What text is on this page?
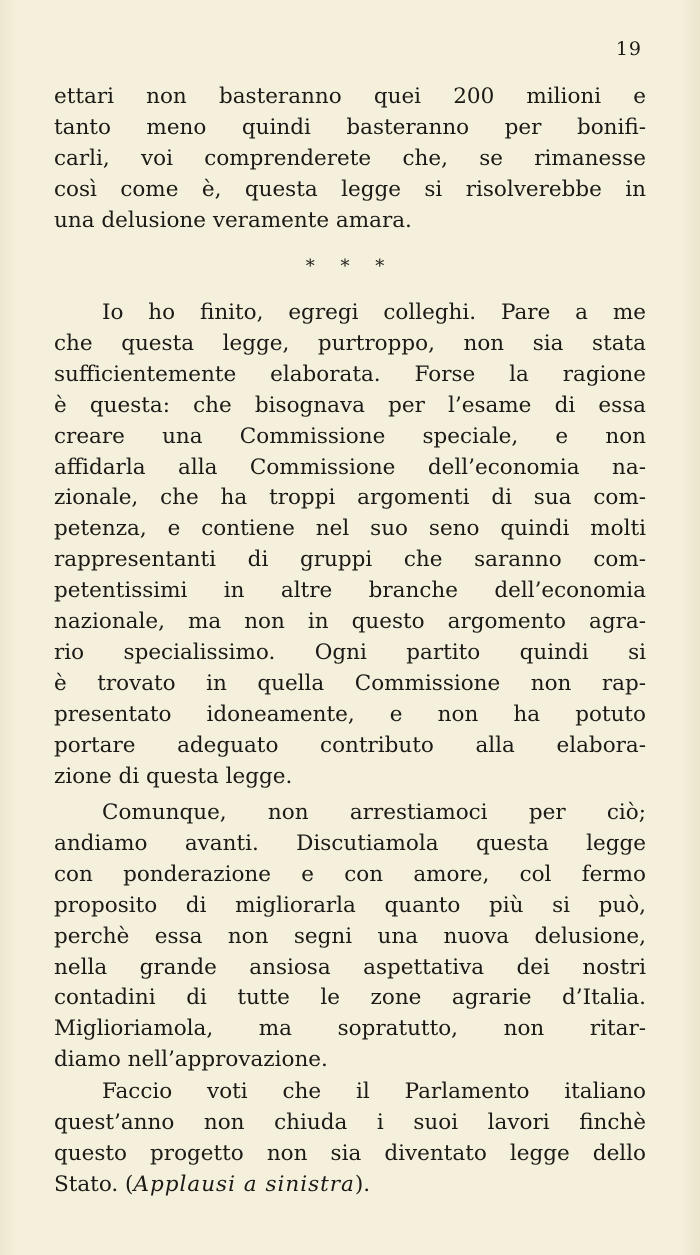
19
ettari non basteranno quei 200 milioni e
tanto meno quindi basteranno per bonifi-
carli, voi comprenderete che, se rimanesse
così come è, questa legge si risolverebbe in
una delusione veramente amara.
* * *
Io ho finito, egregi colleghi. Pare a me
che questa legge, purtroppo, non sia stata
sufficientemente elaborata. Forse la ragione
è questa: che bisognava per l’esame di essa
creare una Commissione speciale, e non
affidarla alla Commissione dell’economia na-
zionale, che ha troppi argomenti di sua com-
petenza, e contiene nel suo seno quindi molti
rappresentanti di gruppi che saranno com-
petentissimi in altre branche dell’economia
nazionale, ma non in questo argomento agra-
rio specialissimo. Ogni partito quindi si
è trovato in quella Commissione non rap-
presentato idoneamente, e non ha potuto
portare adeguato contributo alla elabora-
zione di questa legge.
Comunque, non arrestiamoci per ciò;
andiamo avanti. Discutiamola questa legge
con ponderazione e con amore, col fermo
proposito di migliorarla quanto più si può,
perchè essa non segni una nuova delusione,
nella grande ansiosa aspettativa dei nostri
contadini di tutte le zone agrarie d’Italia.
Miglioriamola, ma sopratutto, non ritar-
diamo nell’approvazione.
Faccio voti che il Parlamento italiano
quest’anno non chiuda i suoi lavori finchè
questo progetto non sia diventato legge dello
Stato. (Applausi a sinistra).
